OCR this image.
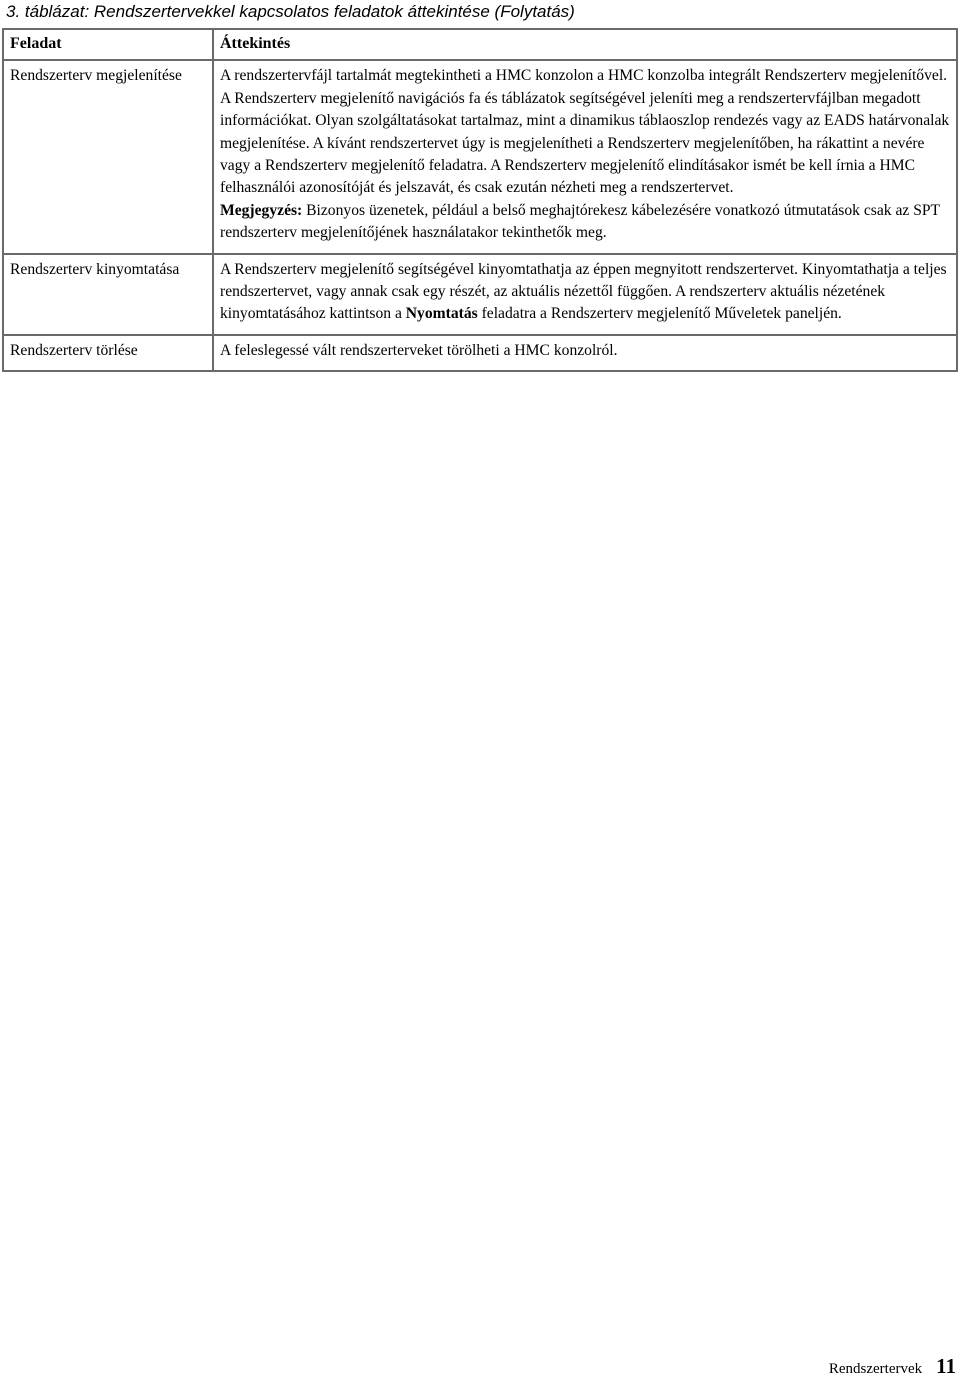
3. táblázat: Rendszertervekkel kapcsolatos feladatok áttekintése (Folytatás)
Feladat	Áttekintés
Rendszerterv megjelenítése	A rendszertervfájl tartalmát megtekintheti a HMC konzolon a HMC konzolba integrált Rendszerterv megjelenítővel. A Rendszerterv megjelenítő navigációs fa és táblázatok segítségével jeleníti meg a rendszertervfájlban megadott információkat. Olyan szolgáltatásokat tartalmaz, mint a dinamikus táblaoszlop rendezés vagy az EADS határvonalak megjelenítése. A kívánt rendszertervet úgy is megjelenítheti a Rendszerterv megjelenítőben, ha rákattint a nevére vagy a Rendszerterv megjelenítő feladatra. A Rendszerterv megjelenítő elindításakor ismét be kell írnia a HMC felhasználói azonosítóját és jelszavát, és csak ezután nézheti meg a rendszertervet.
Megjegyzés: Bizonyos üzenetek, például a belső meghajtórekesz kábelezésére vonatkozó útmutatások csak az SPT rendszerterv megjelenítőjének használatakor tekinthetők meg.

Rendszerterv kinyomtatása	A Rendszerterv megjelenítő segítségével kinyomtathatja az éppen megnyitott rendszertervet. Kinyomtathatja a teljes rendszertervet, vagy annak csak egy részét, az aktuális nézettől függően. A rendszerterv aktuális nézetének kinyomtatásához kattintson a Nyomtatás feladatra a Rendszerterv megjelenítő Műveletek paneljén.
Rendszerterv törlése	A feleslegessé vált rendszerterveket törölheti a HMC konzolról.
Rendszertervek 11
